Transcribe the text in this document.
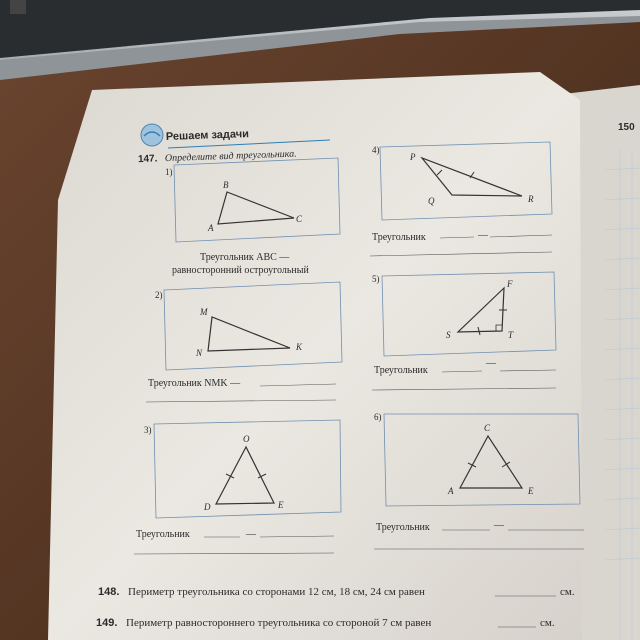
150
Решаем задачи
147. Определите вид треугольника.
1)
B
A
C
Треугольник ABC —
равносторонний остроугольный
2)
M
N
K
Треугольник NMK —
3)
O
D	E
Треугольник	—
4)
P
Q	R
Треугольник	—
5)	F
S	T
Треугольник
—
6)
C
A	E
Треугольник	—
148. Периметр треугольника со сторонами 12 см, 18 см, 24 см равен	см.
149. Периметр равностороннего треугольника со стороной 7 см равен	см.
